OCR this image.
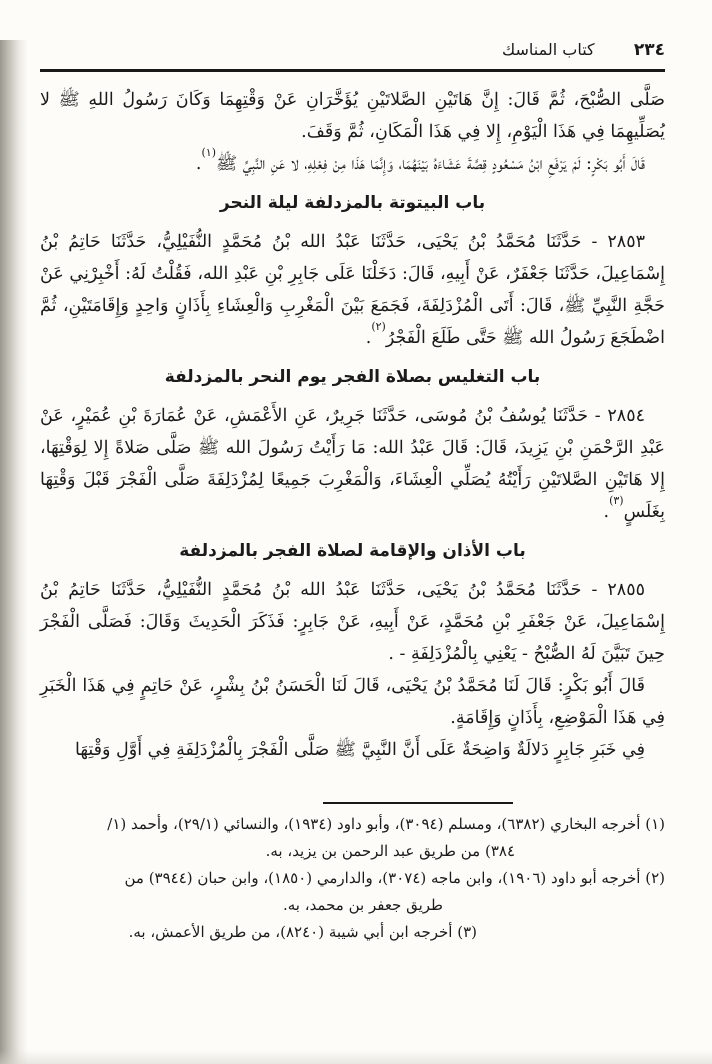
٢٣٤
كتاب المناسك

صَلَّى الصُّبْحَ، ثُمَّ قَالَ: إِنَّ هَاتَيْنِ الصَّلاتَيْنِ يُؤَخَّرَانِ عَنْ وَقْتِهِمَا وَكَانَ رَسُولُ اللهِ ﷺ لا يُصَلِّيهِمَا فِي هَذَا الْيَوْمِ، إِلا فِي هَذَا الْمَكَانِ، ثُمَّ وَقَفَ.

قَالَ أَبُو بَكْرٍ: لَمْ يَرْفَعِ ابْنُ مَسْعُودٍ قِصَّةَ عَشَاءَهُ بَيْنَهُمَا، وَإِنَّمَا هَذَا مِنْ فِعْلِهِ، لا عَنِ النَّبِيِّ ﷺ$^{(١)}$.

باب البيتوتة بالمزدلفة ليلة النحر

٢٨٥٣ - حَدَّثَنَا مُحَمَّدُ بْنُ يَحْيَى، حَدَّثَنَا عَبْدُ الله بْنُ مُحَمَّدٍ النُّفَيْلِيُّ، حَدَّثَنَا حَاتِمُ بْنُ إِسْمَاعِيلَ، حَدَّثَنَا جَعْفَرٌ، عَنْ أَبِيهِ، قَالَ: دَخَلْنَا عَلَى جَابِرِ بْنِ عَبْدِ الله، فَقُلْتُ لَهُ: أَخْبِرْنِي عَنْ حَجَّةِ النَّبِيِّ ﷺ، قَالَ: أَتَى الْمُزْدَلِفَةَ، فَجَمَعَ بَيْنَ الْمَغْرِبِ وَالْعِشَاءِ بِأَذَانٍ وَاحِدٍ وَإِقَامَتَيْنِ، ثُمَّ اضْطَجَعَ رَسُولُ الله ﷺ حَتَّى طَلَعَ الْفَجْرُ$^{(٢)}$.

باب التغليس بصلاة الفجر يوم النحر بالمزدلفة

٢٨٥٤ - حَدَّثَنَا يُوسُفُ بْنُ مُوسَى، حَدَّثَنَا جَرِيرٌ، عَنِ الأَعْمَشِ، عَنْ عُمَارَةَ بْنِ عُمَيْرٍ، عَنْ عَبْدِ الرَّحْمَنِ بْنِ يَزِيدَ، قَالَ: قَالَ عَبْدُ الله: مَا رَأَيْتُ رَسُولَ الله ﷺ صَلَّى صَلاةً إِلا لِوَقْتِهَا، إِلا هَاتَيْنِ الصَّلاتَيْنِ رَأَيْتُهُ يُصَلِّي الْعِشَاءَ، وَالْمَغْرِبَ جَمِيعًا لِمُزْدَلِفَةَ صَلَّى الْفَجْرَ قَبْلَ وَقْتِهَا بِغَلَسٍ$^{(٣)}$.

باب الأذان والإقامة لصلاة الفجر بالمزدلفة

٢٨٥٥ - حَدَّثَنَا مُحَمَّدُ بْنُ يَحْيَى، حَدَّثَنَا عَبْدُ الله بْنُ مُحَمَّدٍ النُّفَيْلِيُّ، حَدَّثَنَا حَاتِمُ بْنُ إِسْمَاعِيلَ، عَنْ جَعْفَرِ بْنِ مُحَمَّدٍ، عَنْ أَبِيهِ، عَنْ جَابِرٍ: فَذَكَرَ الْحَدِيثَ وَقَالَ: فَصَلَّى الْفَجْرَ حِينَ تَبَيَّنَ لَهُ الصُّبْحُ - يَعْنِي بِالْمُزْدَلِفَةِ - .

قَالَ أَبُو بَكْرٍ: قَالَ لَنَا مُحَمَّدُ بْنُ يَحْيَى، قَالَ لَنَا الْحَسَنُ بْنُ بِشْرٍ، عَنْ حَاتِمٍ فِي هَذَا الْخَبَرِ فِي هَذَا الْمَوْضِعِ، بِأَذَانٍ وَإِقَامَةٍ.

فِي خَبَرِ جَابِرٍ دَلالَةٌ وَاضِحَةٌ عَلَى أَنَّ النَّبِيَّ ﷺ صَلَّى الْفَجْرَ بِالْمُزْدَلِفَةِ فِي أَوَّلِ وَقْتِهَا

(١) أخرجه البخاري (٦٣٨٢)، ومسلم (٣٠٩٤)، وأبو داود (١٩٣٤)، والنسائي (٢٩/١)، وأحمد (١/
٣٨٤) من طريق عبد الرحمن بن يزيد، به.
(٢) أخرجه أبو داود (١٩٠٦)، وابن ماجه (٣٠٧٤)، والدارمي (١٨٥٠)، وابن حبان (٣٩٤٤) من
طريق جعفر بن محمد، به.
(٣) أخرجه ابن أبي شيبة (٨٢٤٠)، من طريق الأعمش، به.
